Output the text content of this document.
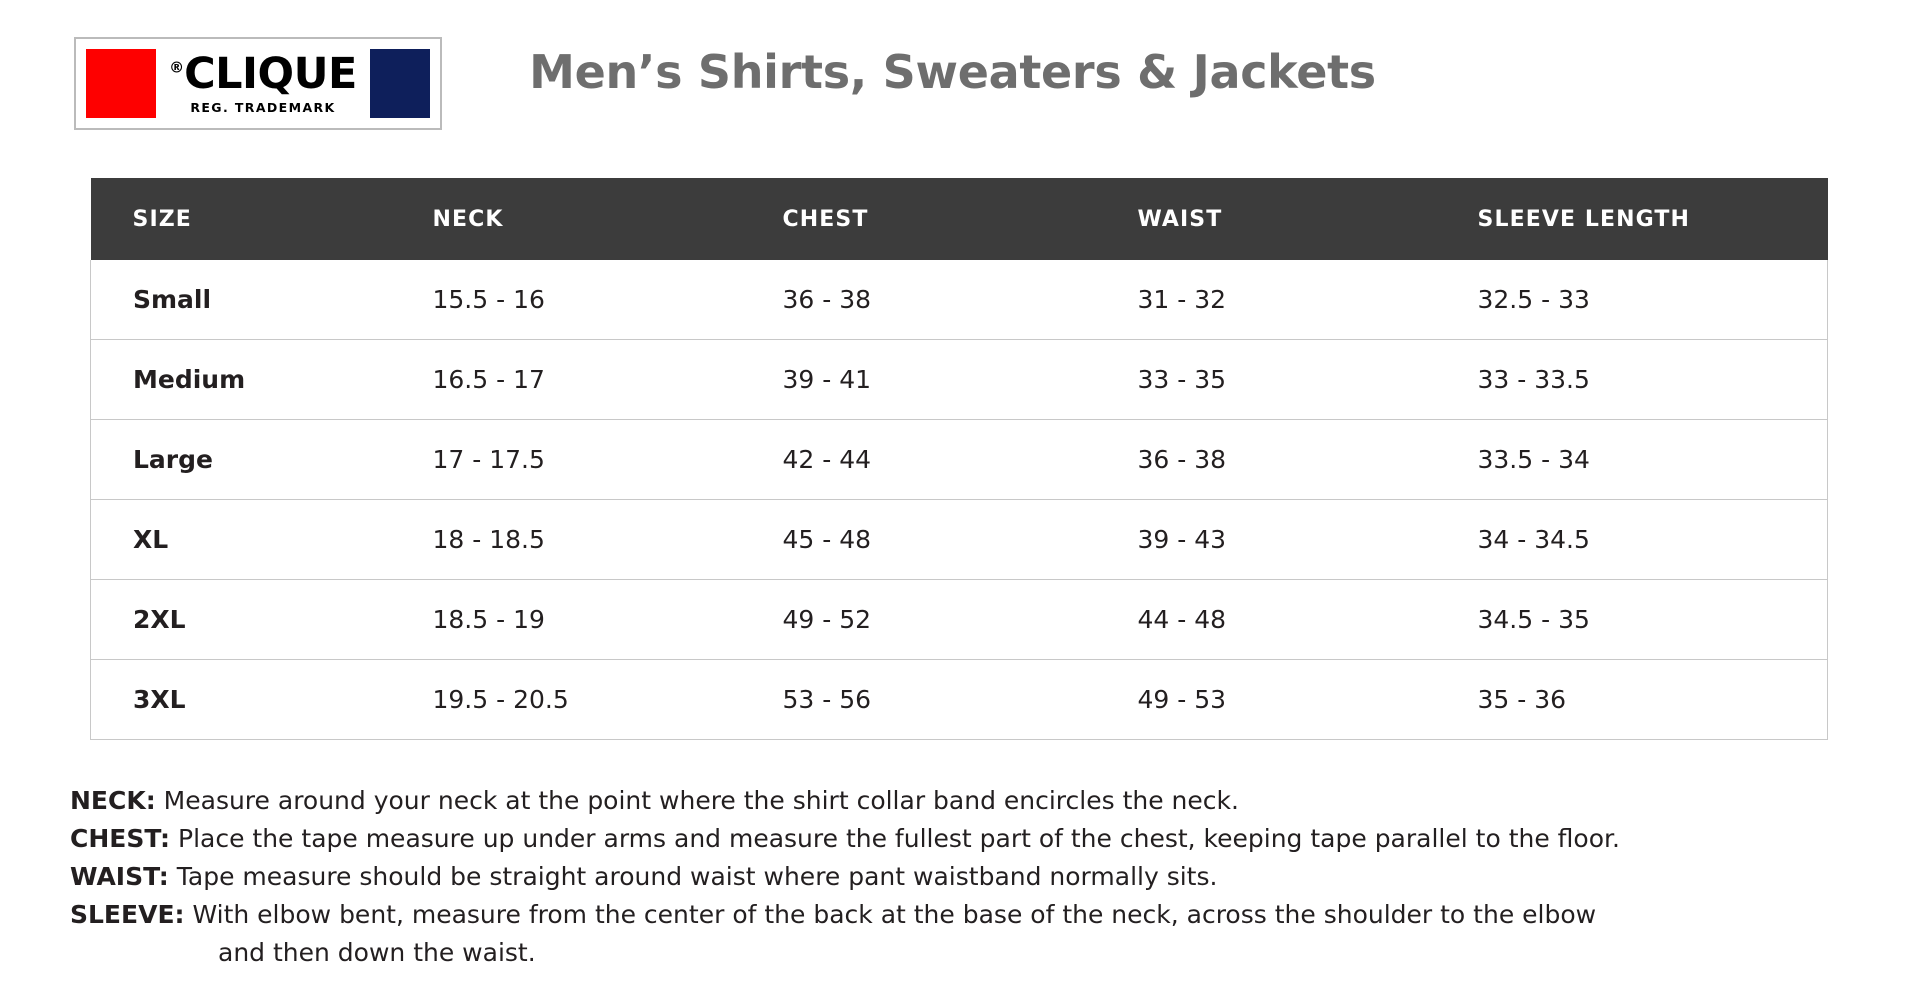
®CLIQUE
REG. TRADEMARK
Men’s Shirts, Sweaters & Jackets
SIZE	NECK	CHEST	WAIST	SLEEVE LENGTH
Small	15.5 - 16	36 - 38	31 - 32	32.5 - 33
Medium	16.5 - 17	39 - 41	33 - 35	33 - 33.5
Large	17 - 17.5	42 - 44	36 - 38	33.5 - 34
XL	18 - 18.5	45 - 48	39 - 43	34 - 34.5
2XL	18.5 - 19	49 - 52	44 - 48	34.5 - 35
3XL	19.5 - 20.5	53 - 56	49 - 53	35 - 36
NECK: Measure around your neck at the point where the shirt collar band encircles the neck.
CHEST: Place the tape measure up under arms and measure the fullest part of the chest, keeping tape parallel to the floor.
WAIST: Tape measure should be straight around waist where pant waistband normally sits.
SLEEVE: With elbow bent, measure from the center of the back at the base of the neck, across the shoulder to the elbow
and then down the waist.
